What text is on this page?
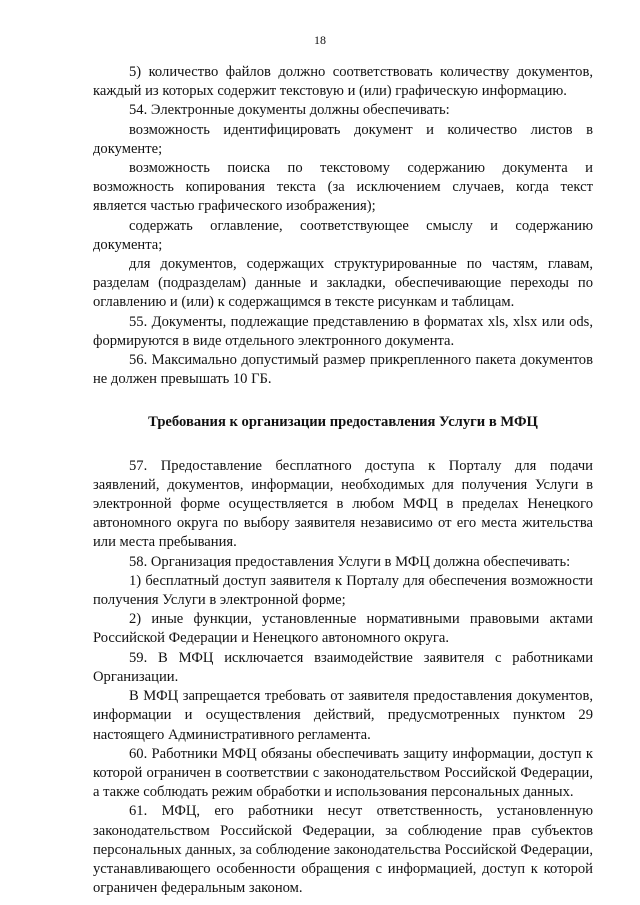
18

5) количество файлов должно соответствовать количеству документов, каждый из которых содержит текстовую и (или) графическую информацию.

54. Электронные документы должны обеспечивать:

возможность идентифицировать документ и количество листов в документе;

возможность поиска по текстовому содержанию документа и возможность копирования текста (за исключением случаев, когда текст является частью графического изображения);

содержать оглавление, соответствующее смыслу и содержанию документа;

для документов, содержащих структурированные по частям, главам, разделам (подразделам) данные и закладки, обеспечивающие переходы по оглавлению и (или) к содержащимся в тексте рисункам и таблицам.

55. Документы, подлежащие представлению в форматах xls, xlsx или ods, формируются в виде отдельного электронного документа.

56. Максимально допустимый размер прикрепленного пакета документов не должен превышать 10 ГБ.

Требования к организации предоставления Услуги в МФЦ

57. Предоставление бесплатного доступа к Порталу для подачи заявлений, документов, информации, необходимых для получения Услуги в электронной форме осуществляется в любом МФЦ в пределах Ненецкого автономного округа по выбору заявителя независимо от его места жительства или места пребывания.

58. Организация предоставления Услуги в МФЦ должна обеспечивать:

1) бесплатный доступ заявителя к Порталу для обеспечения возможности получения Услуги в электронной форме;

2) иные функции, установленные нормативными правовыми актами Российской Федерации и Ненецкого автономного округа.

59. В МФЦ исключается взаимодействие заявителя с работниками Организации.

В МФЦ запрещается требовать от заявителя предоставления документов, информации и осуществления действий, предусмотренных пунктом 29 настоящего Административного регламента.

60. Работники МФЦ обязаны обеспечивать защиту информации, доступ к которой ограничен в соответствии с законодательством Российской Федерации, а также соблюдать режим обработки и использования персональных данных.

61. МФЦ, его работники несут ответственность, установленную законодательством Российской Федерации, за соблюдение прав субъектов персональных данных, за соблюдение законодательства Российской Федерации, устанавливающего особенности обращения с информацией, доступ к которой ограничен федеральным законом.
